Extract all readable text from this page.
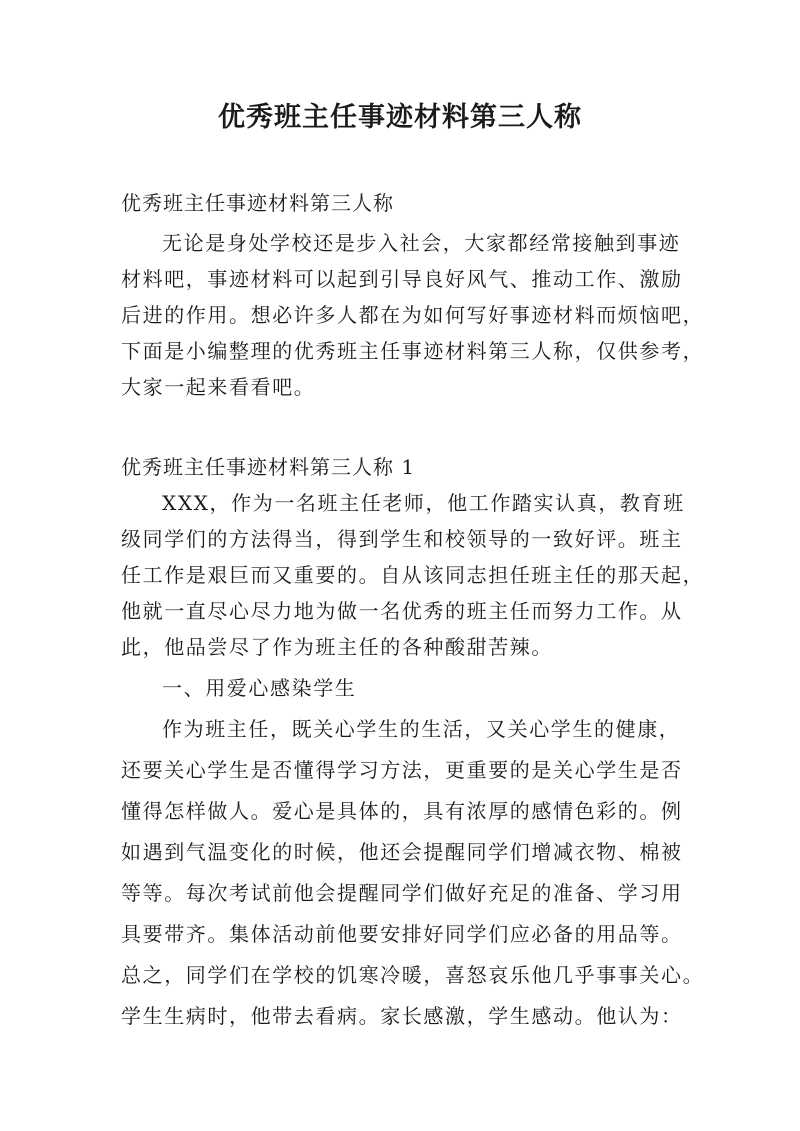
优秀班主任事迹材料第三人称
优秀班主任事迹材料第三人称
无论是身处学校还是步入社会，大家都经常接触到事迹
材料吧，事迹材料可以起到引导良好风气、推动工作、激励
后进的作用。想必许多人都在为如何写好事迹材料而烦恼吧，
下面是小编整理的优秀班主任事迹材料第三人称，仅供参考，
大家一起来看看吧。
优秀班主任事迹材料第三人称 1
XXX，作为一名班主任老师，他工作踏实认真，教育班
级同学们的方法得当，得到学生和校领导的一致好评。班主
任工作是艰巨而又重要的。自从该同志担任班主任的那天起，
他就一直尽心尽力地为做一名优秀的班主任而努力工作。从
此，他品尝尽了作为班主任的各种酸甜苦辣。
一、用爱心感染学生
作为班主任，既关心学生的生活，又关心学生的健康，
还要关心学生是否懂得学习方法，更重要的是关心学生是否
懂得怎样做人。爱心是具体的，具有浓厚的感情色彩的。例
如遇到气温变化的时候，他还会提醒同学们增减衣物、棉被
等等。每次考试前他会提醒同学们做好充足的准备、学习用
具要带齐。集体活动前他要安排好同学们应必备的用品等。
总之，同学们在学校的饥寒冷暖，喜怒哀乐他几乎事事关心。
学生生病时，他带去看病。家长感激，学生感动。他认为：
